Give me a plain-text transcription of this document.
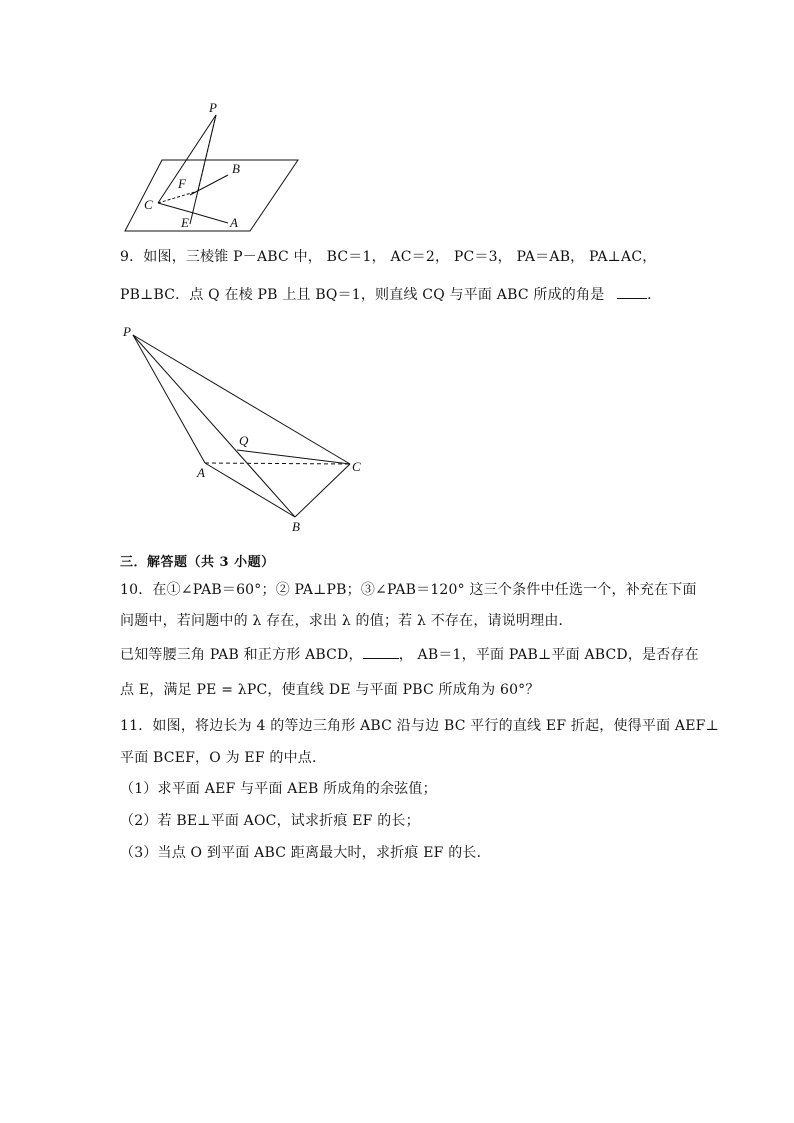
P
B
F
C
E	A
9．如图，三棱锥 P－ABC 中， BC＝1， AC＝2， PC＝3， PA＝AB， PA⊥AC，
PB⊥BC．点 Q 在棱 PB 上且 BQ＝1，则直线 CQ 与平面 ABC 所成的角是	．
P
Q
A	C
B
三．解答题（共 3 小题）
10．在①∠PAB＝60°；② PA⊥PB；③∠PAB＝120° 这三个条件中任选一个，补充在下面
问题中，若问题中的 λ 存在，求出 λ 的值；若 λ 不存在，请说明理由．
已知等腰三角 PAB 和正方形 ABCD，	， AB＝1，平面 PAB⊥平面 ABCD，是否存在
点 E，满足 PE = λPC，使直线 DE 与平面 PBC 所成角为 60°？
11．如图，将边长为 4 的等边三角形 ABC 沿与边 BC 平行的直线 EF 折起，使得平面 AEF⊥
平面 BCEF，O 为 EF 的中点．
（1）求平面 AEF 与平面 AEB 所成角的余弦值；
（2）若 BE⊥平面 AOC，试求折痕 EF 的长；
（3）当点 O 到平面 ABC 距离最大时，求折痕 EF 的长．
